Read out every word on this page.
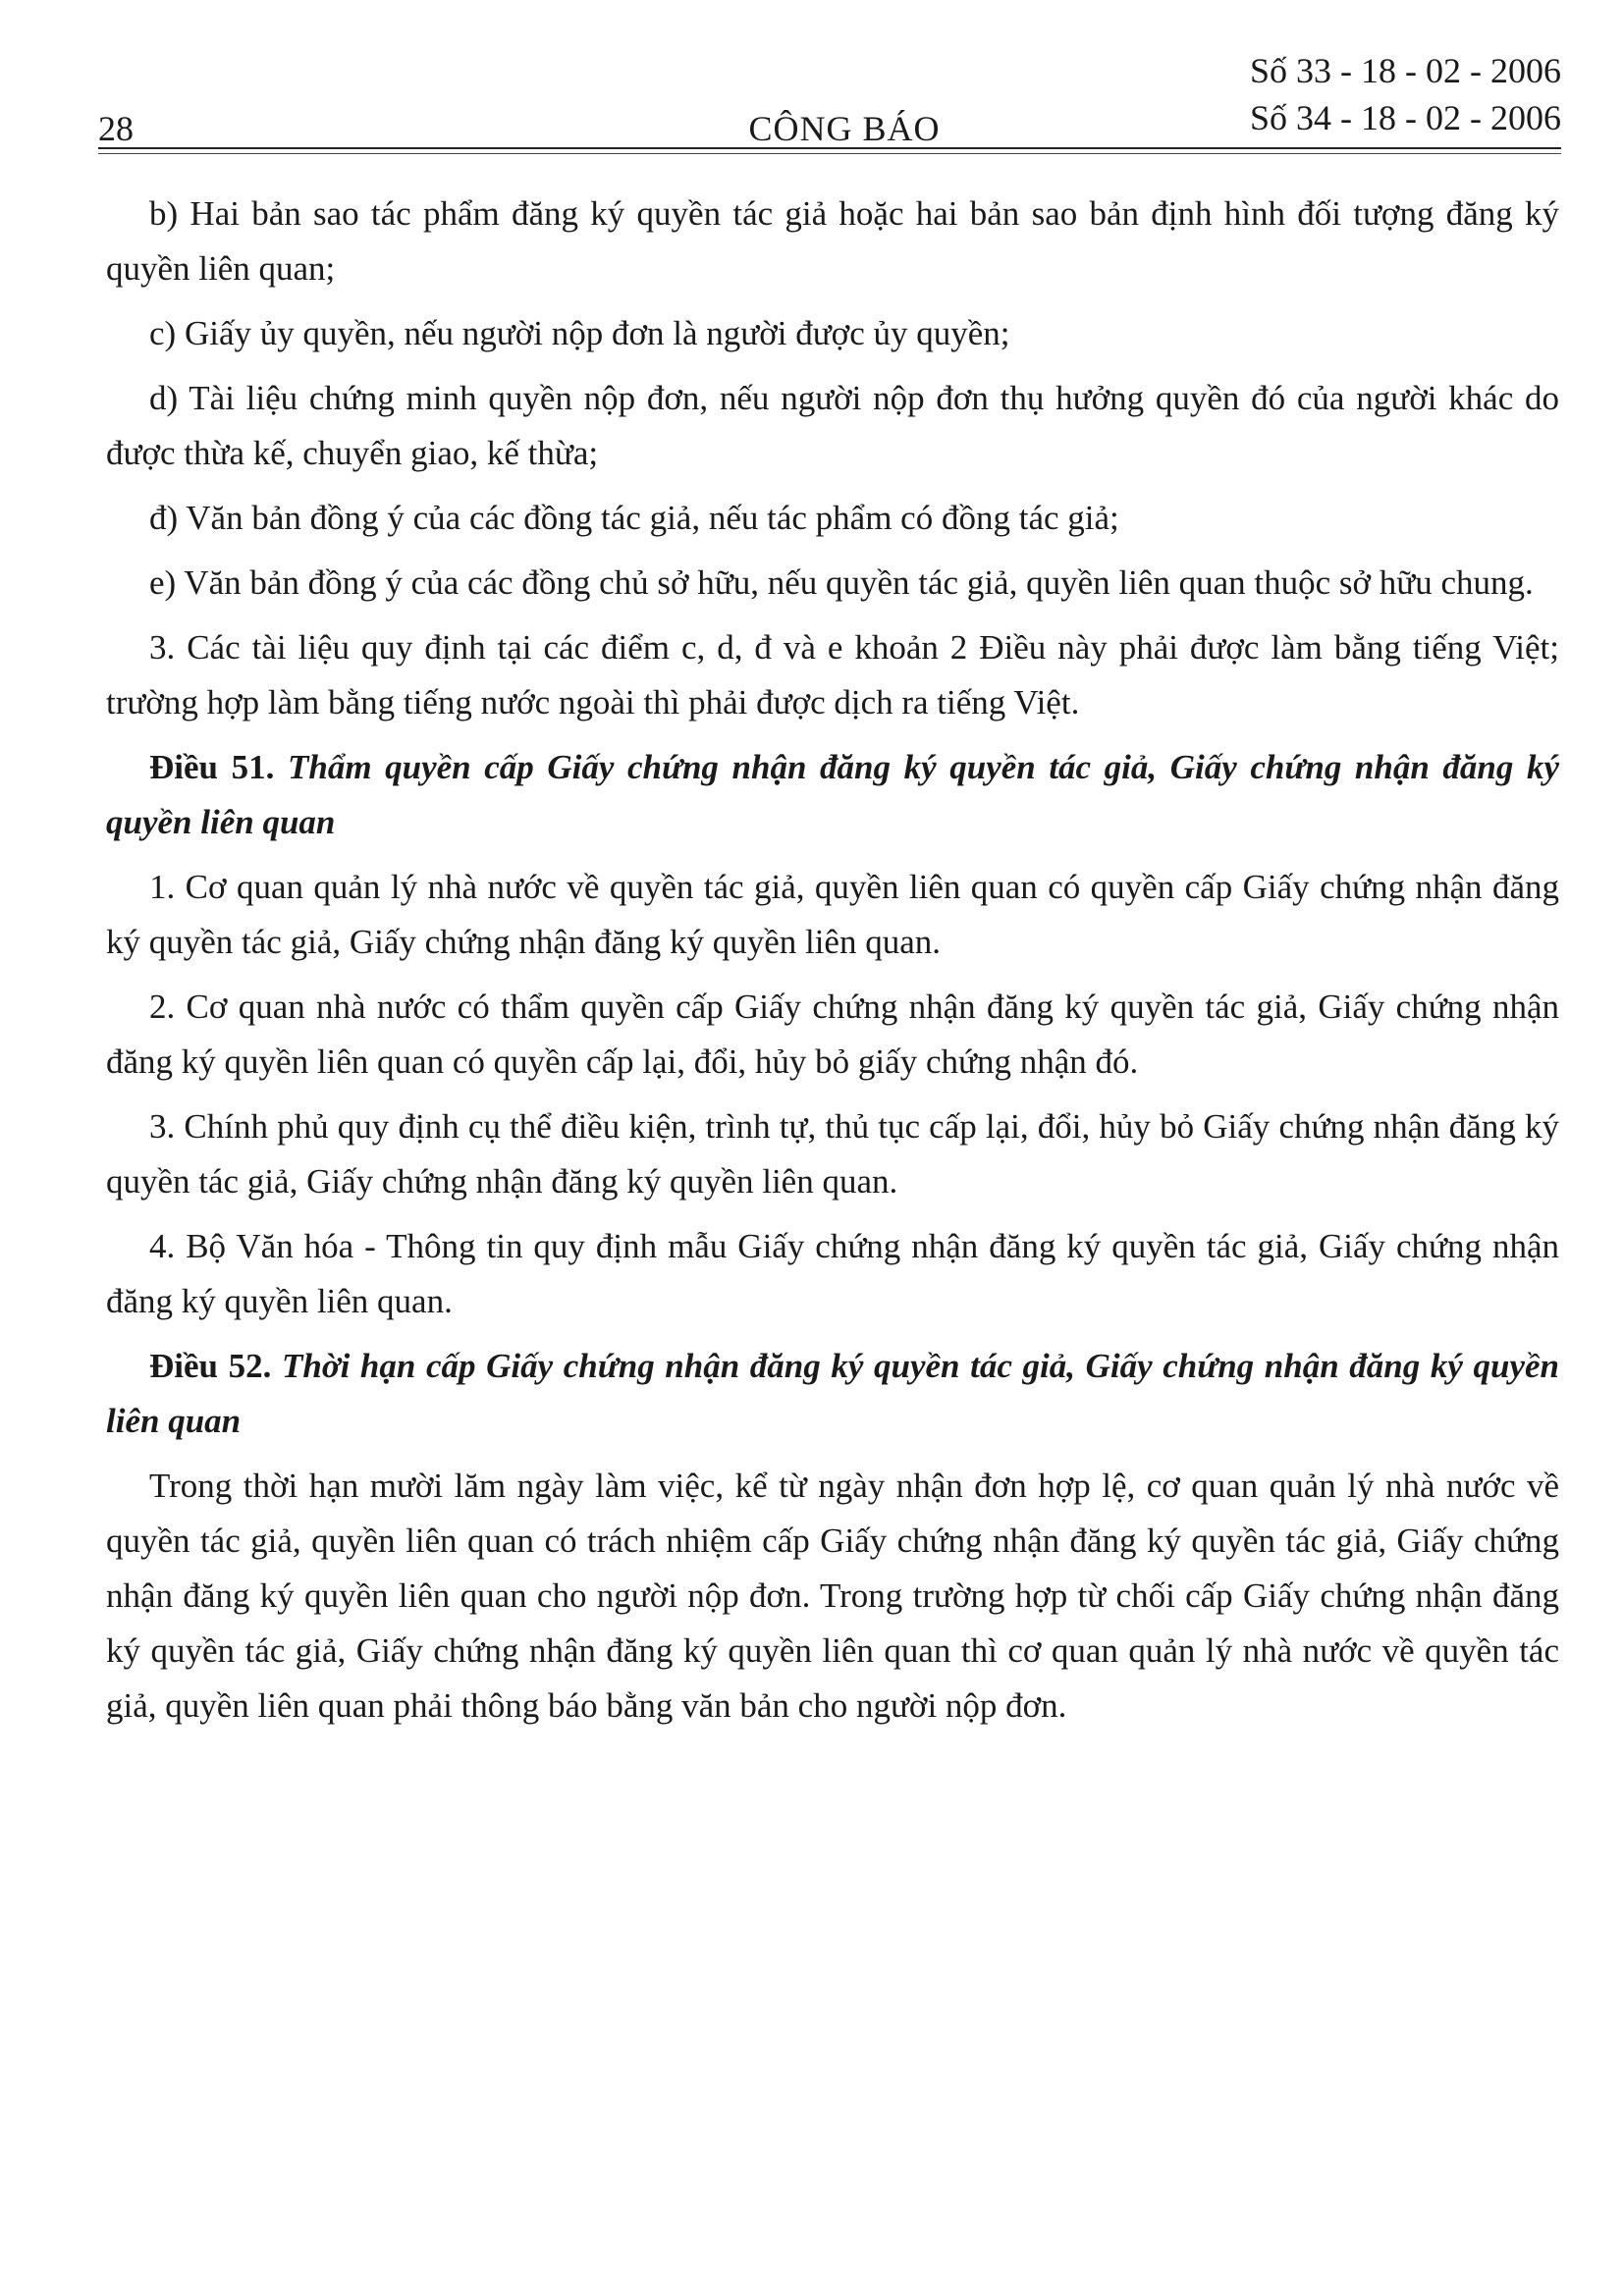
28	CÔNG BÁO
Số 33 - 18 - 02 - 2006
Số 34 - 18 - 02 - 2006

b) Hai bản sao tác phẩm đăng ký quyền tác giả hoặc hai bản sao bản định hình đối tượng đăng ký quyền liên quan;

c) Giấy ủy quyền, nếu người nộp đơn là người được ủy quyền;

d) Tài liệu chứng minh quyền nộp đơn, nếu người nộp đơn thụ hưởng quyền đó của người khác do được thừa kế, chuyển giao, kế thừa;

đ) Văn bản đồng ý của các đồng tác giả, nếu tác phẩm có đồng tác giả;

e) Văn bản đồng ý của các đồng chủ sở hữu, nếu quyền tác giả, quyền liên quan thuộc sở hữu chung.

3. Các tài liệu quy định tại các điểm c, d, đ và e khoản 2 Điều này phải được làm bằng tiếng Việt; trường hợp làm bằng tiếng nước ngoài thì phải được dịch ra tiếng Việt.

Điều 51. Thẩm quyền cấp Giấy chứng nhận đăng ký quyền tác giả, Giấy chứng nhận đăng ký quyền liên quan

1. Cơ quan quản lý nhà nước về quyền tác giả, quyền liên quan có quyền cấp Giấy chứng nhận đăng ký quyền tác giả, Giấy chứng nhận đăng ký quyền liên quan.

2. Cơ quan nhà nước có thẩm quyền cấp Giấy chứng nhận đăng ký quyền tác giả, Giấy chứng nhận đăng ký quyền liên quan có quyền cấp lại, đổi, hủy bỏ giấy chứng nhận đó.

3. Chính phủ quy định cụ thể điều kiện, trình tự, thủ tục cấp lại, đổi, hủy bỏ Giấy chứng nhận đăng ký quyền tác giả, Giấy chứng nhận đăng ký quyền liên quan.

4. Bộ Văn hóa - Thông tin quy định mẫu Giấy chứng nhận đăng ký quyền tác giả, Giấy chứng nhận đăng ký quyền liên quan.

Điều 52. Thời hạn cấp Giấy chứng nhận đăng ký quyền tác giả, Giấy chứng nhận đăng ký quyền liên quan

Trong thời hạn mười lăm ngày làm việc, kể từ ngày nhận đơn hợp lệ, cơ quan quản lý nhà nước về quyền tác giả, quyền liên quan có trách nhiệm cấp Giấy chứng nhận đăng ký quyền tác giả, Giấy chứng nhận đăng ký quyền liên quan cho người nộp đơn. Trong trường hợp từ chối cấp Giấy chứng nhận đăng ký quyền tác giả, Giấy chứng nhận đăng ký quyền liên quan thì cơ quan quản lý nhà nước về quyền tác giả, quyền liên quan phải thông báo bằng văn bản cho người nộp đơn.
